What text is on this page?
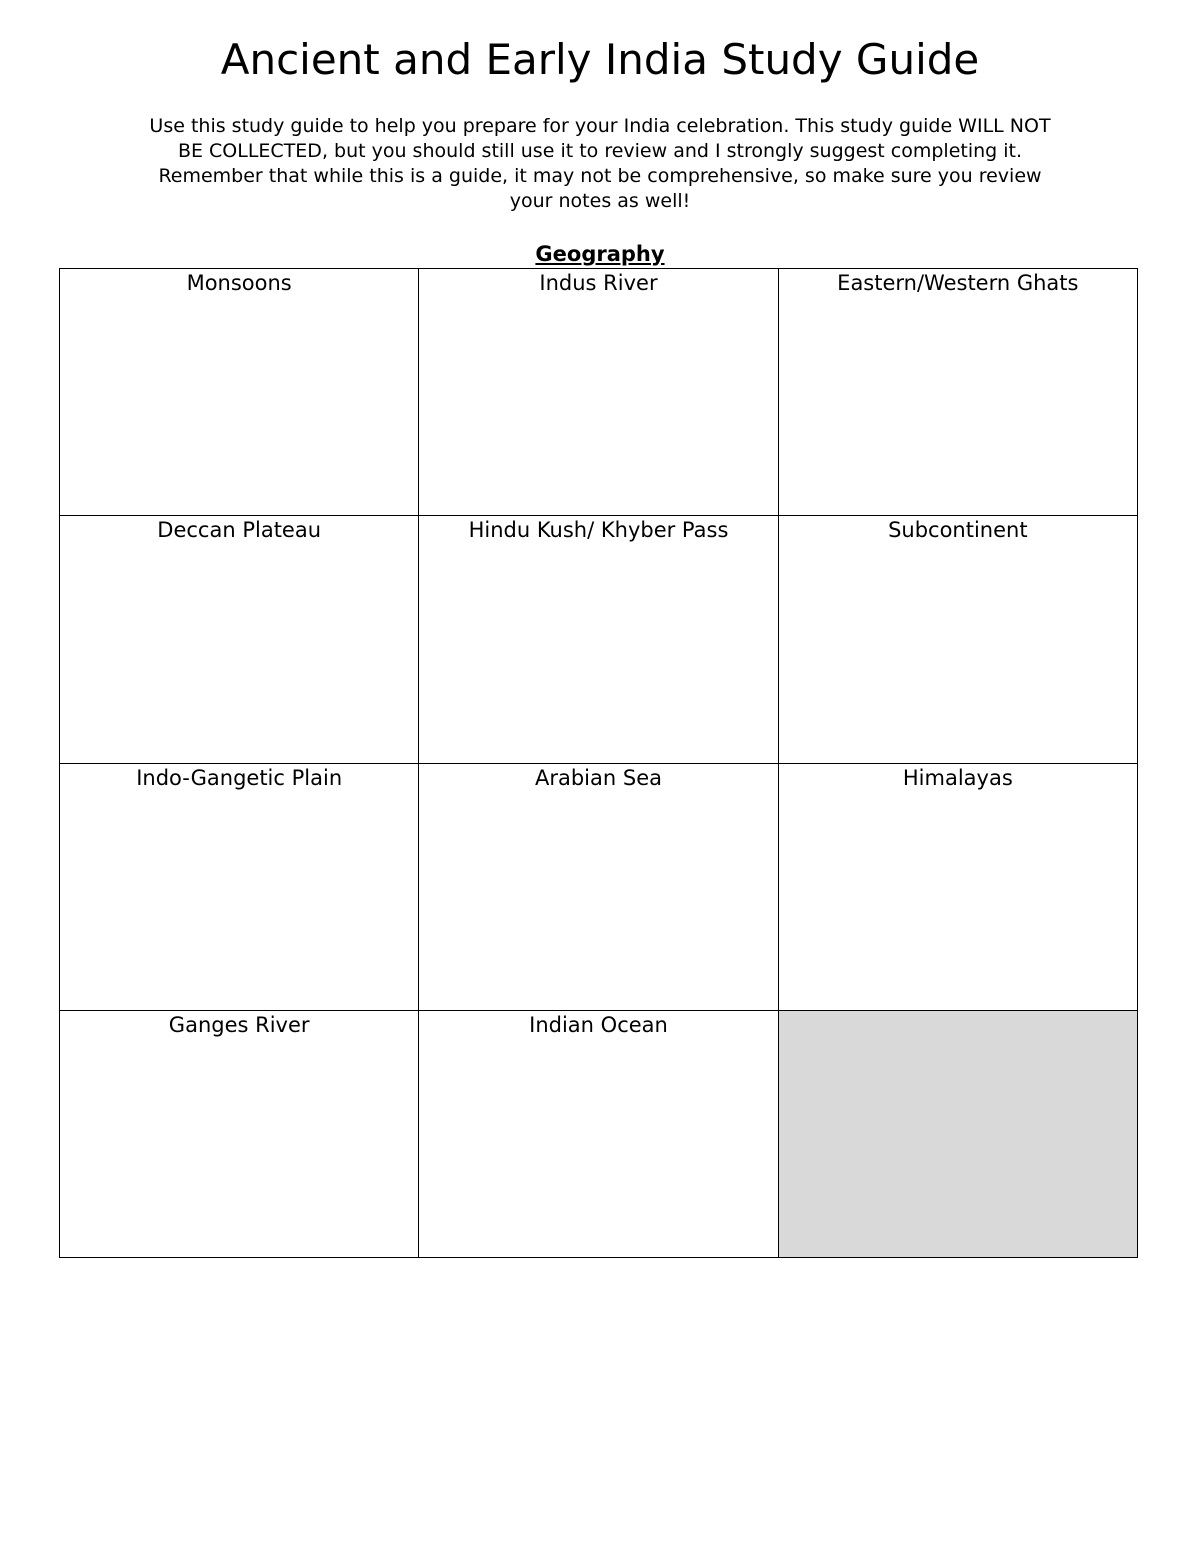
Ancient and Early India Study Guide

Use this study guide to help you prepare for your India celebration. This study guide WILL NOT
BE COLLECTED, but you should still use it to review and I strongly suggest completing it.
Remember that while this is a guide, it may not be comprehensive, so make sure you review
your notes as well!

Geography
Monsoons	Indus River	Eastern/Western Ghats

Deccan Plateau	Hindu Kush/ Khyber Pass	Subcontinent

Indo-Gangetic Plain	Arabian Sea	Himalayas

Ganges River	Indian Ocean	
